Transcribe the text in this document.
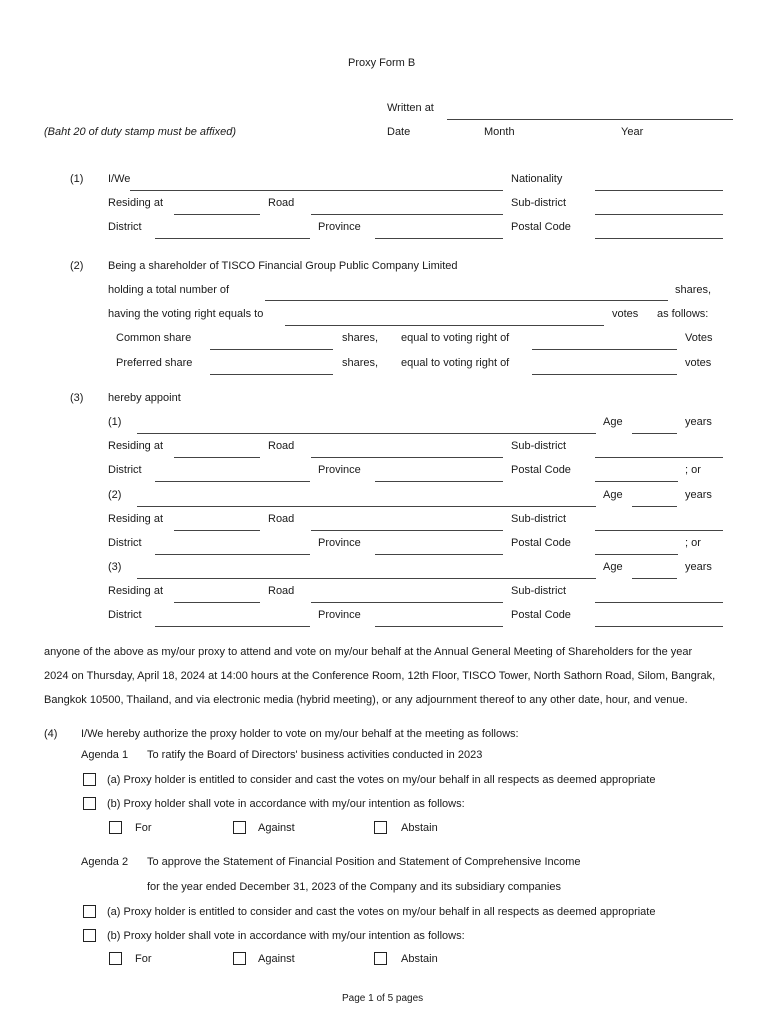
Proxy Form B
Written at
(Baht 20 of duty stamp must be affixed)	Date	Month	Year
(1) I/We	Nationality
Residing at	Road	Sub-district
District	Province	Postal Code
(2) Being a shareholder of TISCO Financial Group Public Company Limited
holding a total number of	shares,
having the voting right equals to	votes as follows:
Common share	shares, equal to voting right of	Votes
Preferred share	shares, equal to voting right of	votes
(3) hereby appoint
(1)	Age	years
Residing at	Road	Sub-district
District	Province	Postal Code	; or
(2)	Age	years
Residing at	Road	Sub-district
District	Province	Postal Code	; or
(3)	Age	years
Residing at	Road	Sub-district
District	Province	Postal Code
anyone of the above as my/our proxy to attend and vote on my/our behalf at the Annual General Meeting of Shareholders for the year
2024 on Thursday, April 18, 2024 at 14:00 hours at the Conference Room, 12th Floor, TISCO Tower, North Sathorn Road, Silom, Bangrak,
Bangkok 10500, Thailand, and via electronic media (hybrid meeting), or any adjournment thereof to any other date, hour, and venue.
(4) I/We hereby authorize the proxy holder to vote on my/our behalf at the meeting as follows:
Agenda 1 To ratify the Board of Directors' business activities conducted in 2023
(a) Proxy holder is entitled to consider and cast the votes on my/our behalf in all respects as deemed appropriate
(b) Proxy holder shall vote in accordance with my/our intention as follows:
For	Against	Abstain
Agenda 2 To approve the Statement of Financial Position and Statement of Comprehensive Income
for the year ended December 31, 2023 of the Company and its subsidiary companies
(a) Proxy holder is entitled to consider and cast the votes on my/our behalf in all respects as deemed appropriate
(b) Proxy holder shall vote in accordance with my/our intention as follows:
For	Against	Abstain
Page 1 of 5 pages
